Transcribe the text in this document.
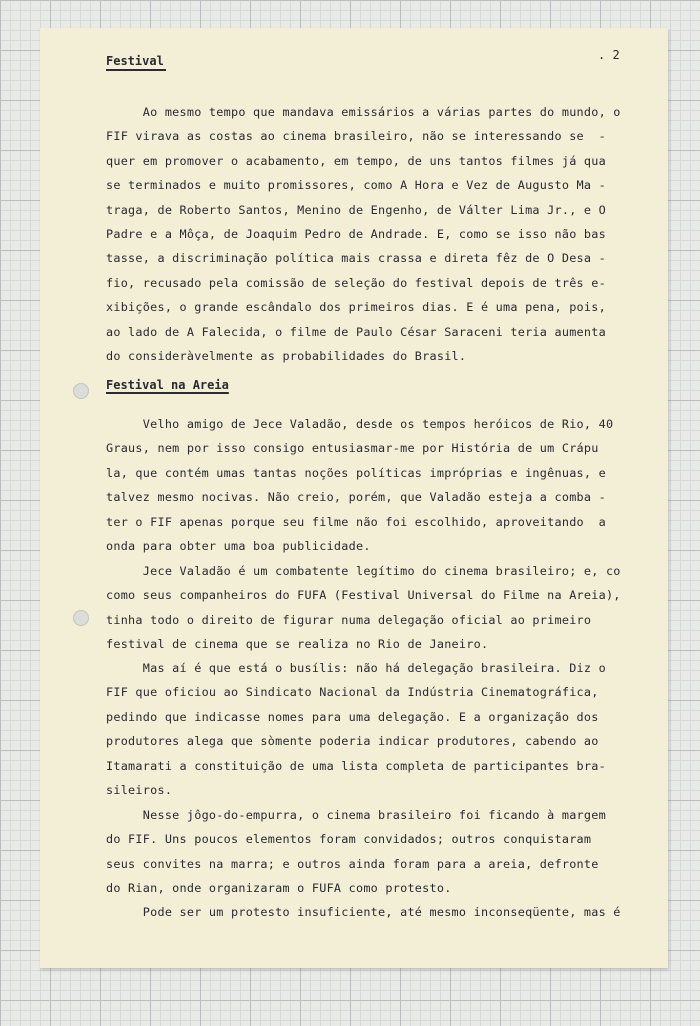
Festival	. 2
Ao mesmo tempo que mandava emissários a várias partes do mundo, o
FIF virava as costas ao cinema brasileiro, não se interessando se  -
quer em promover o acabamento, em tempo, de uns tantos filmes já qua
se terminados e muito promissores, como A Hora e Vez de Augusto Ma -
traga, de Roberto Santos, Menino de Engenho, de Válter Lima Jr., e O
Padre e a Môça, de Joaquim Pedro de Andrade. E, como se isso não bas
tasse, a discriminação política mais crassa e direta fêz de O Desa -
fio, recusado pela comissão de seleção do festival depois de três e-
xibições, o grande escândalo dos primeiros dias. E é uma pena, pois,
ao lado de A Falecida, o filme de Paulo César Saraceni teria aumenta
do consideràvelmente as probabilidades do Brasil.
Festival na Areia
Velho amigo de Jece Valadão, desde os tempos heróicos de Rio, 40
Graus, nem por isso consigo entusiasmar-me por História de um Crápu
la, que contém umas tantas noções políticas impróprias e ingênuas, e
talvez mesmo nocivas. Não creio, porém, que Valadão esteja a comba -
ter o FIF apenas porque seu filme não foi escolhido, aproveitando  a
onda para obter uma boa publicidade.
Jece Valadão é um combatente legítimo do cinema brasileiro; e, co
como seus companheiros do FUFA (Festival Universal do Filme na Areia),
tinha todo o direito de figurar numa delegação oficial ao primeiro
festival de cinema que se realiza no Rio de Janeiro.
Mas aí é que está o busílis: não há delegação brasileira. Diz o
FIF que oficiou ao Sindicato Nacional da Indústria Cinematográfica,
pedindo que indicasse nomes para uma delegação. E a organização dos
produtores alega que sòmente poderia indicar produtores, cabendo ao
Itamarati a constituição de uma lista completa de participantes bra-
sileiros.
Nesse jôgo-do-empurra, o cinema brasileiro foi ficando à margem
do FIF. Uns poucos elementos foram convidados; outros conquistaram
seus convites na marra; e outros ainda foram para a areia, defronte
do Rian, onde organizaram o FUFA como protesto.
Pode ser um protesto insuficiente, até mesmo inconseqüente, mas é
